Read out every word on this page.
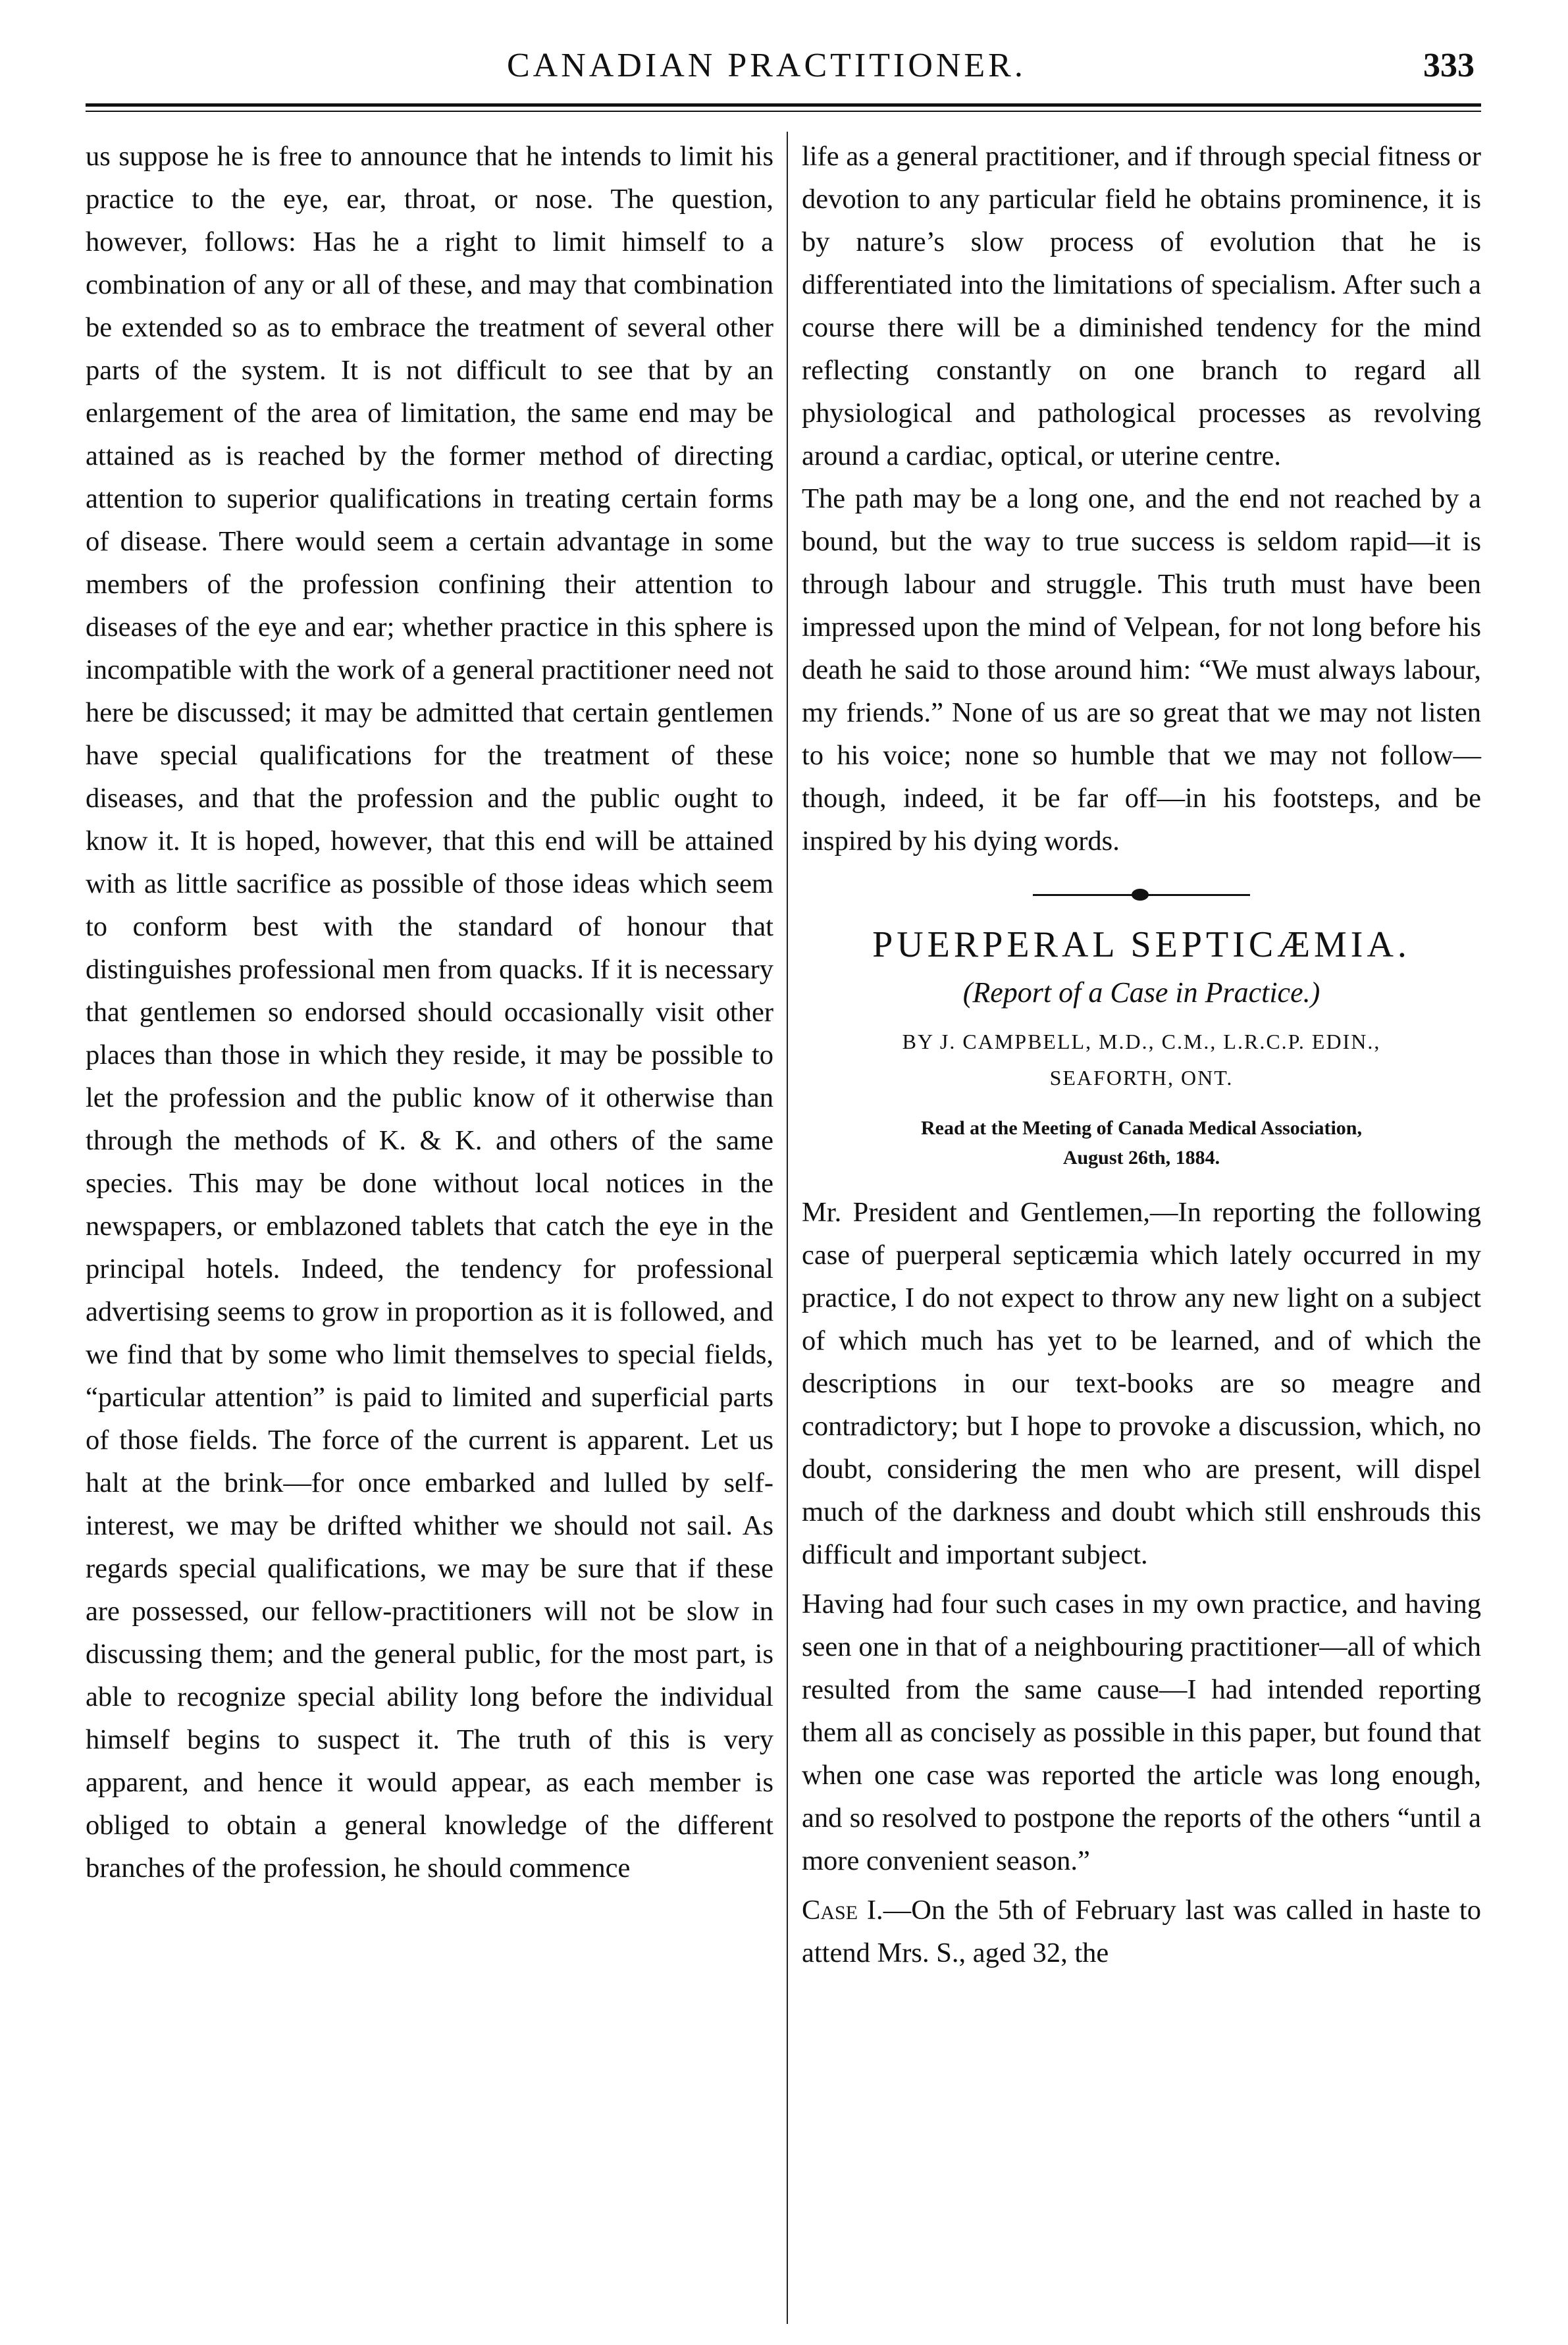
CANADIAN PRACTITIONER.	333

us suppose he is free to announce that he intends to limit his practice to the eye, ear, throat, or nose. The question, however, follows: Has he a right to limit himself to a combination of any or all of these, and may that combination be extended so as to embrace the treatment of several other parts of the system. It is not difficult to see that by an enlargement of the area of limitation, the same end may be attained as is reached by the former method of directing attention to superior qualifications in treating certain forms of disease. There would seem a certain advantage in some members of the profession confining their attention to diseases of the eye and ear; whether practice in this sphere is incompatible with the work of a general practitioner need not here be discussed; it may be admitted that certain gentlemen have special qualifications for the treatment of these diseases, and that the profession and the public ought to know it. It is hoped, however, that this end will be attained with as little sacrifice as possible of those ideas which seem to conform best with the standard of honour that distinguishes professional men from quacks. If it is necessary that gentlemen so endorsed should occasionally visit other places than those in which they reside, it may be possible to let the profession and the public know of it otherwise than through the methods of K. & K. and others of the same species. This may be done without local notices in the newspapers, or emblazoned tablets that catch the eye in the principal hotels. Indeed, the tendency for professional advertising seems to grow in proportion as it is followed, and we find that by some who limit themselves to special fields, “particular attention” is paid to limited and superficial parts of those fields. The force of the current is apparent. Let us halt at the brink—for once embarked and lulled by self-interest, we may be drifted whither we should not sail. As regards special qualifications, we may be sure that if these are possessed, our fellow-practitioners will not be slow in discussing them; and the general public, for the most part, is able to recognize special ability long before the individual himself begins to suspect it. The truth of this is very apparent, and hence it would appear, as each member is obliged to obtain a general knowledge of the different branches of the profession, he should commence

life as a general practitioner, and if through special fitness or devotion to any particular field he obtains prominence, it is by nature’s slow process of evolution that he is differentiated into the limitations of specialism. After such a course there will be a diminished tendency for the mind reflecting constantly on one branch to regard all physiological and pathological processes as revolving around a cardiac, optical, or uterine centre.

The path may be a long one, and the end not reached by a bound, but the way to true success is seldom rapid—it is through labour and struggle. This truth must have been impressed upon the mind of Velpean, for not long before his death he said to those around him: “We must always labour, my friends.” None of us are so great that we may not listen to his voice; none so humble that we may not follow—though, indeed, it be far off—in his footsteps, and be inspired by his dying words.

PUERPERAL SEPTICÆMIA.
(Report of a Case in Practice.)
BY J. CAMPBELL, M.D., C.M., L.R.C.P. EDIN.,
SEAFORTH, ONT.
Read at the Meeting of Canada Medical Association,
August 26th, 1884.

Mr. President and Gentlemen,—In reporting the following case of puerperal septicæmia which lately occurred in my practice, I do not expect to throw any new light on a subject of which much has yet to be learned, and of which the descriptions in our text-books are so meagre and contradictory; but I hope to provoke a discussion, which, no doubt, considering the men who are present, will dispel much of the darkness and doubt which still enshrouds this difficult and important subject.

Having had four such cases in my own practice, and having seen one in that of a neighbouring practitioner—all of which resulted from the same cause—I had intended reporting them all as concisely as possible in this paper, but found that when one case was reported the article was long enough, and so resolved to postpone the reports of the others “until a more convenient season.”

Case I.—On the 5th of February last was called in haste to attend Mrs. S., aged 32, the
